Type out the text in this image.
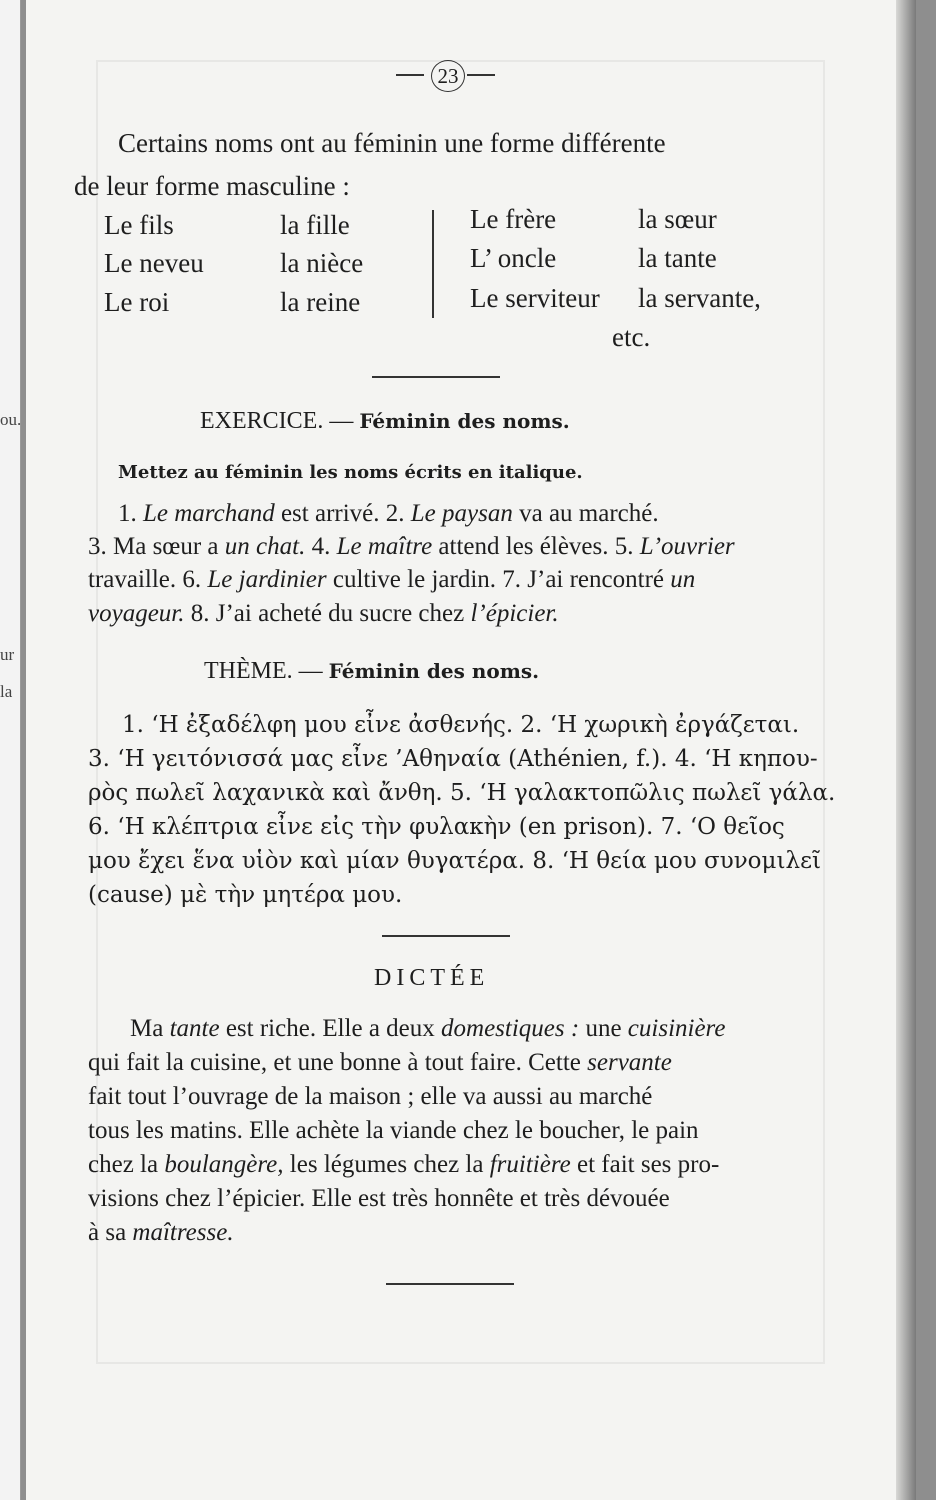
ou.
ur
la
23
Certains noms ont au féminin une forme différente
de leur forme masculine :
Le fils	la fille
Le neveu	la nièce
Le roi	la reine
Le frère	la sœur
L’ oncle	la tante
Le serviteur la servante,
etc.
EXERCICE. — Féminin des noms.
Mettez au féminin les noms écrits en italique.
1. Le marchand est arrivé. 2. Le paysan va au marché.
3. Ma sœur a un chat. 4. Le maître attend les élèves. 5. L’ouvrier
travaille. 6. Le jardinier cultive le jardin. 7. J’ai rencontré un
voyageur. 8. J’ai acheté du sucre chez l’épicier.
THÈME. — Féminin des noms.
1. ‘Η ἐξαδέλφη μου εἶνε ἀσθενής. 2. ‘Η χωρικὴ ἐργάζεται.
3. ‘Η γειτόνισσά μας εἶνε ’Αθηναία (Athénien, f.). 4. ‘Η κηπου-
ρὸς πωλεῖ λαχανικὰ καὶ ἄνθη. 5. ‘Η γαλακτοπῶλις πωλεῖ γάλα.
6. ‘Η κλέπτρια εἶνε εἰς τὴν φυλακὴν (en prison). 7. ‘Ο θεῖος
μου ἔχει ἕνα υἱὸν καὶ μίαν θυγατέρα. 8. ‘Η θεία μου συνομιλεῖ
(cause) μὲ τὴν μητέρα μου.
DICTÉE
Ma tante est riche. Elle a deux domestiques : une cuisinière
qui fait la cuisine, et une bonne à tout faire. Cette servante
fait tout l’ouvrage de la maison ; elle va aussi au marché
tous les matins. Elle achète la viande chez le boucher, le pain
chez la boulangère, les légumes chez la fruitière et fait ses pro-
visions chez l’épicier. Elle est très honnête et très dévouée
à sa maîtresse.
